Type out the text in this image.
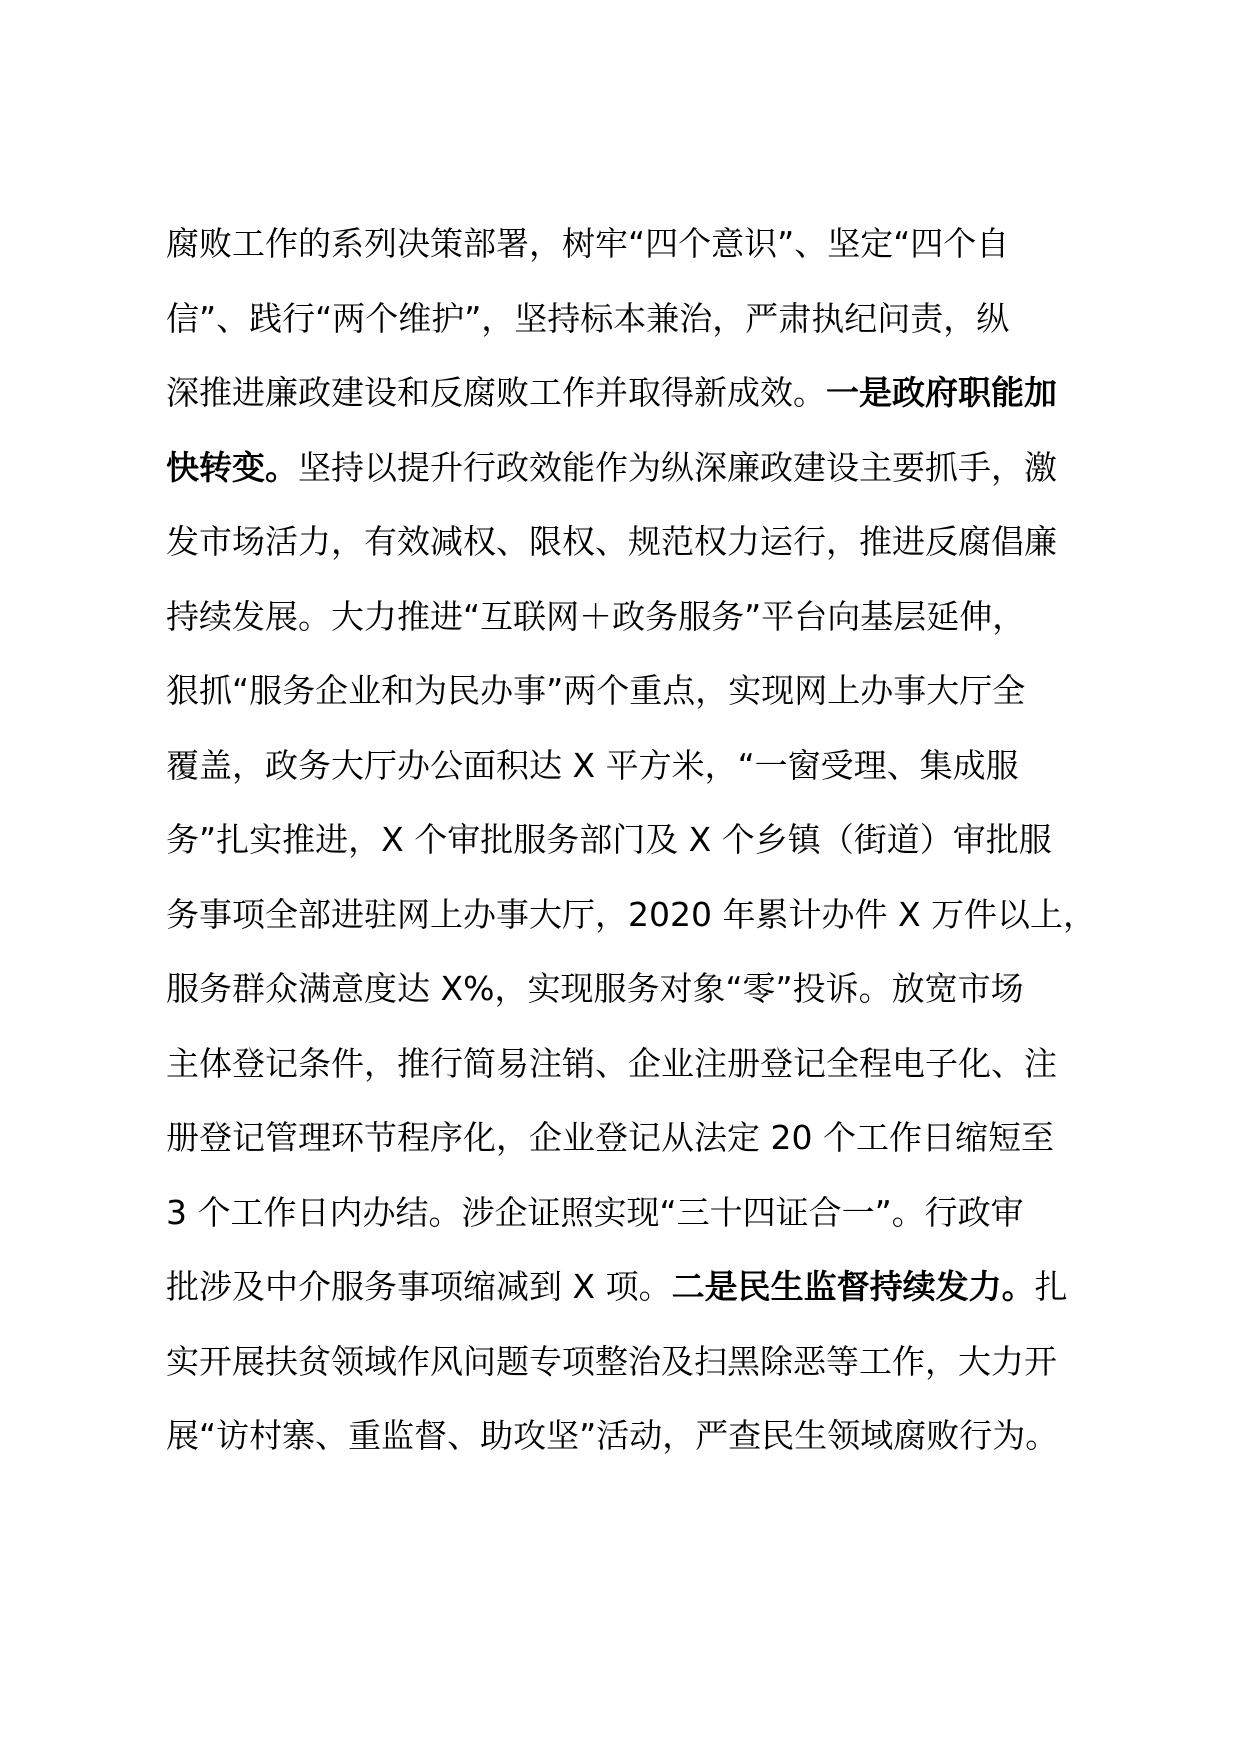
腐败工作的系列决策部署，树牢“四个意识”、坚定“四个自
信”、践行“两个维护”，坚持标本兼治，严肃执纪问责，纵
深推进廉政建设和反腐败工作并取得新成效。一是政府职能加
快转变。坚持以提升行政效能作为纵深廉政建设主要抓手，激
发市场活力，有效减权、限权、规范权力运行，推进反腐倡廉
持续发展。大力推进“互联网＋政务服务”平台向基层延伸，
狠抓“服务企业和为民办事”两个重点，实现网上办事大厅全
覆盖，政务大厅办公面积达 X 平方米，“一窗受理、集成服
务”扎实推进，X 个审批服务部门及 X 个乡镇（街道）审批服
务事项全部进驻网上办事大厅，2020 年累计办件 X 万件以上，
服务群众满意度达 X%，实现服务对象“零”投诉。放宽市场
主体登记条件，推行简易注销、企业注册登记全程电子化、注
册登记管理环节程序化，企业登记从法定 20 个工作日缩短至
3 个工作日内办结。涉企证照实现“三十四证合一”。行政审
批涉及中介服务事项缩减到 X 项。二是民生监督持续发力。扎
实开展扶贫领域作风问题专项整治及扫黑除恶等工作，大力开
展“访村寨、重监督、助攻坚”活动，严查民生领域腐败行为。
